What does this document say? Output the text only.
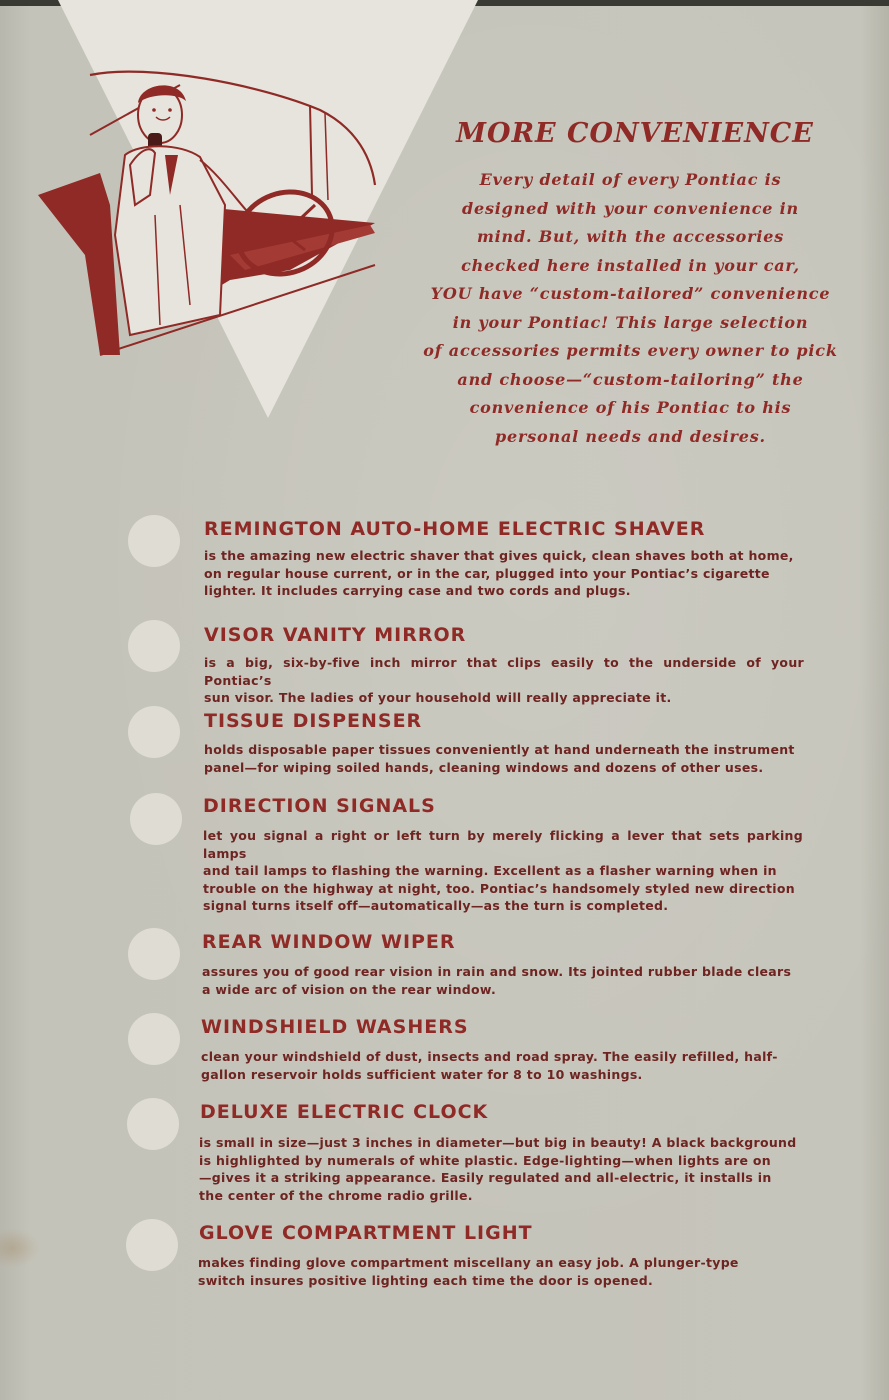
MORE CONVENIENCE

Every detail of every Pontiac is
designed with your convenience in
mind. But, with the accessories
checked here installed in your car,
YOU have “custom-tailored” convenience
in your Pontiac! This large selection
of accessories permits every owner to pick
and choose—“custom-tailoring” the
convenience of his Pontiac to his
personal needs and desires.

REMINGTON AUTO-HOME ELECTRIC SHAVER

is the amazing new electric shaver that gives quick, clean shaves both at home,
on regular house current, or in the car, plugged into your Pontiac’s cigarette
lighter. It includes carrying case and two cords and plugs.

VISOR VANITY MIRROR

is a big, six-by-five inch mirror that clips easily to the underside of your Pontiac’s
sun visor. The ladies of your household will really appreciate it.

TISSUE DISPENSER

holds disposable paper tissues conveniently at hand underneath the instrument
panel—for wiping soiled hands, cleaning windows and dozens of other uses.

DIRECTION SIGNALS

let you signal a right or left turn by merely flicking a lever that sets parking lamps
and tail lamps to flashing the warning. Excellent as a flasher warning when in
trouble on the highway at night, too. Pontiac’s handsomely styled new direction
signal turns itself off—automatically—as the turn is completed.

REAR WINDOW WIPER

assures you of good rear vision in rain and snow. Its jointed rubber blade clears
a wide arc of vision on the rear window.

WINDSHIELD WASHERS

clean your windshield of dust, insects and road spray. The easily refilled, half-
gallon reservoir holds sufficient water for 8 to 10 washings.

DELUXE ELECTRIC CLOCK

is small in size—just 3 inches in diameter—but big in beauty! A black background
is highlighted by numerals of white plastic. Edge-lighting—when lights are on
—gives it a striking appearance. Easily regulated and all-electric, it installs in
the center of the chrome radio grille.

GLOVE COMPARTMENT LIGHT

makes finding glove compartment miscellany an easy job. A plunger-type
switch insures positive lighting each time the door is opened.
